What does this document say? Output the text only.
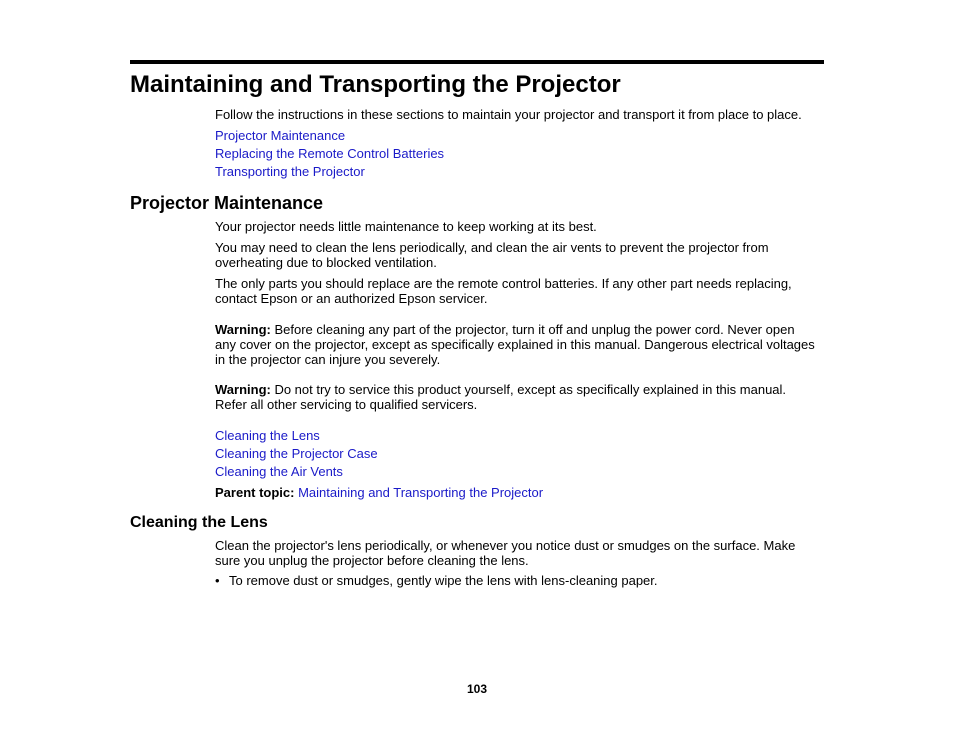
Maintaining and Transporting the Projector

Follow the instructions in these sections to maintain your projector and transport it from place to place.

Projector Maintenance
Replacing the Remote Control Batteries
Transporting the Projector
Projector Maintenance

Your projector needs little maintenance to keep working at its best.

You may need to clean the lens periodically, and clean the air vents to prevent the projector from
overheating due to blocked ventilation.

The only parts you should replace are the remote control batteries. If any other part needs replacing,
contact Epson or an authorized Epson servicer.

Warning: Before cleaning any part of the projector, turn it off and unplug the power cord. Never open
any cover on the projector, except as specifically explained in this manual. Dangerous electrical voltages
in the projector can injure you severely.

Warning: Do not try to service this product yourself, except as specifically explained in this manual.
Refer all other servicing to qualified servicers.

Cleaning the Lens
Cleaning the Projector Case
Cleaning the Air Vents

Parent topic: Maintaining and Transporting the Projector

Cleaning the Lens

Clean the projector's lens periodically, or whenever you notice dust or smudges on the surface. Make
sure you unplug the projector before cleaning the lens.

• To remove dust or smudges, gently wipe the lens with lens-cleaning paper.
103
